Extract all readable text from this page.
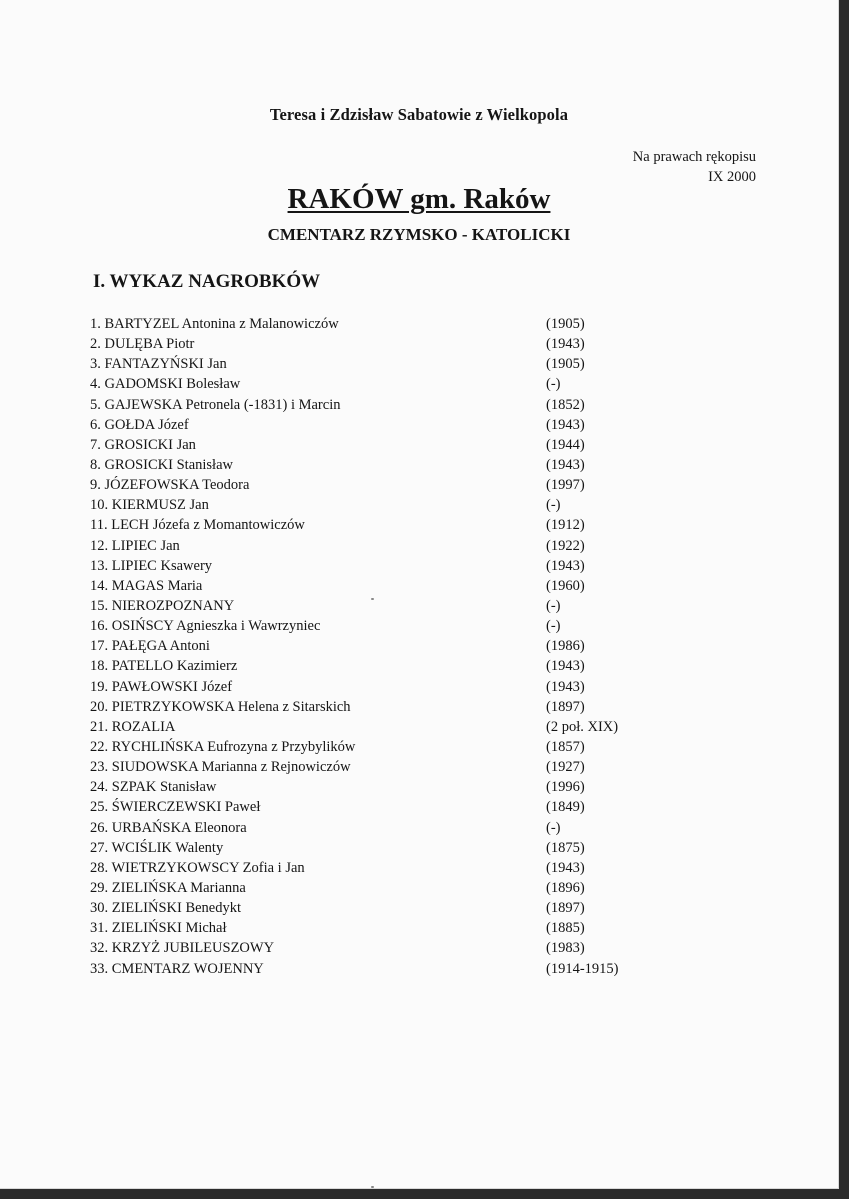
Teresa i Zdzisław Sabatowie z Wielkopola
Na prawach rękopisu
IX 2000
RAKÓW gm. Raków
CMENTARZ RZYMSKO - KATOLICKI
I. WYKAZ NAGROBKÓW
1. BARTYZEL Antonina z Malanowiczów	(1905)
2. DULĘBA Piotr	(1943)
3. FANTAZYŃSKI Jan	(1905)
4. GADOMSKI Bolesław	(-)
5. GAJEWSKA Petronela (-1831) i Marcin	(1852)
6. GOŁDA Józef	(1943)
7. GROSICKI Jan	(1944)
8. GROSICKI Stanisław	(1943)
9. JÓZEFOWSKA Teodora	(1997)
10. KIERMUSZ Jan	(-)
11. LECH Józefa z Momantowiczów	(1912)
12. LIPIEC Jan	(1922)
13. LIPIEC Ksawery	(1943)
14. MAGAS Maria	(1960)
15. NIEROZPOZNANY	(-)
16. OSIŃSCY Agnieszka i Wawrzyniec	(-)
17. PAŁĘGA Antoni	(1986)
18. PATELLO Kazimierz	(1943)
19. PAWŁOWSKI Józef	(1943)
20. PIETRZYKOWSKA Helena z Sitarskich	(1897)
21. ROZALIA	(2 poł. XIX)
22. RYCHLIŃSKA Eufrozyna z Przybylików	(1857)
23. SIUDOWSKA Marianna z Rejnowiczów	(1927)
24. SZPAK Stanisław	(1996)
25. ŚWIERCZEWSKI Paweł	(1849)
26. URBAŃSKA Eleonora	(-)
27. WCIŚLIK Walenty	(1875)
28. WIETRZYKOWSCY Zofia i Jan	(1943)
29. ZIELIŃSKA Marianna	(1896)
30. ZIELIŃSKI Benedykt	(1897)
31. ZIELIŃSKI Michał	(1885)
32. KRZYŻ JUBILEUSZOWY	(1983)
33. CMENTARZ WOJENNY	(1914-1915)
